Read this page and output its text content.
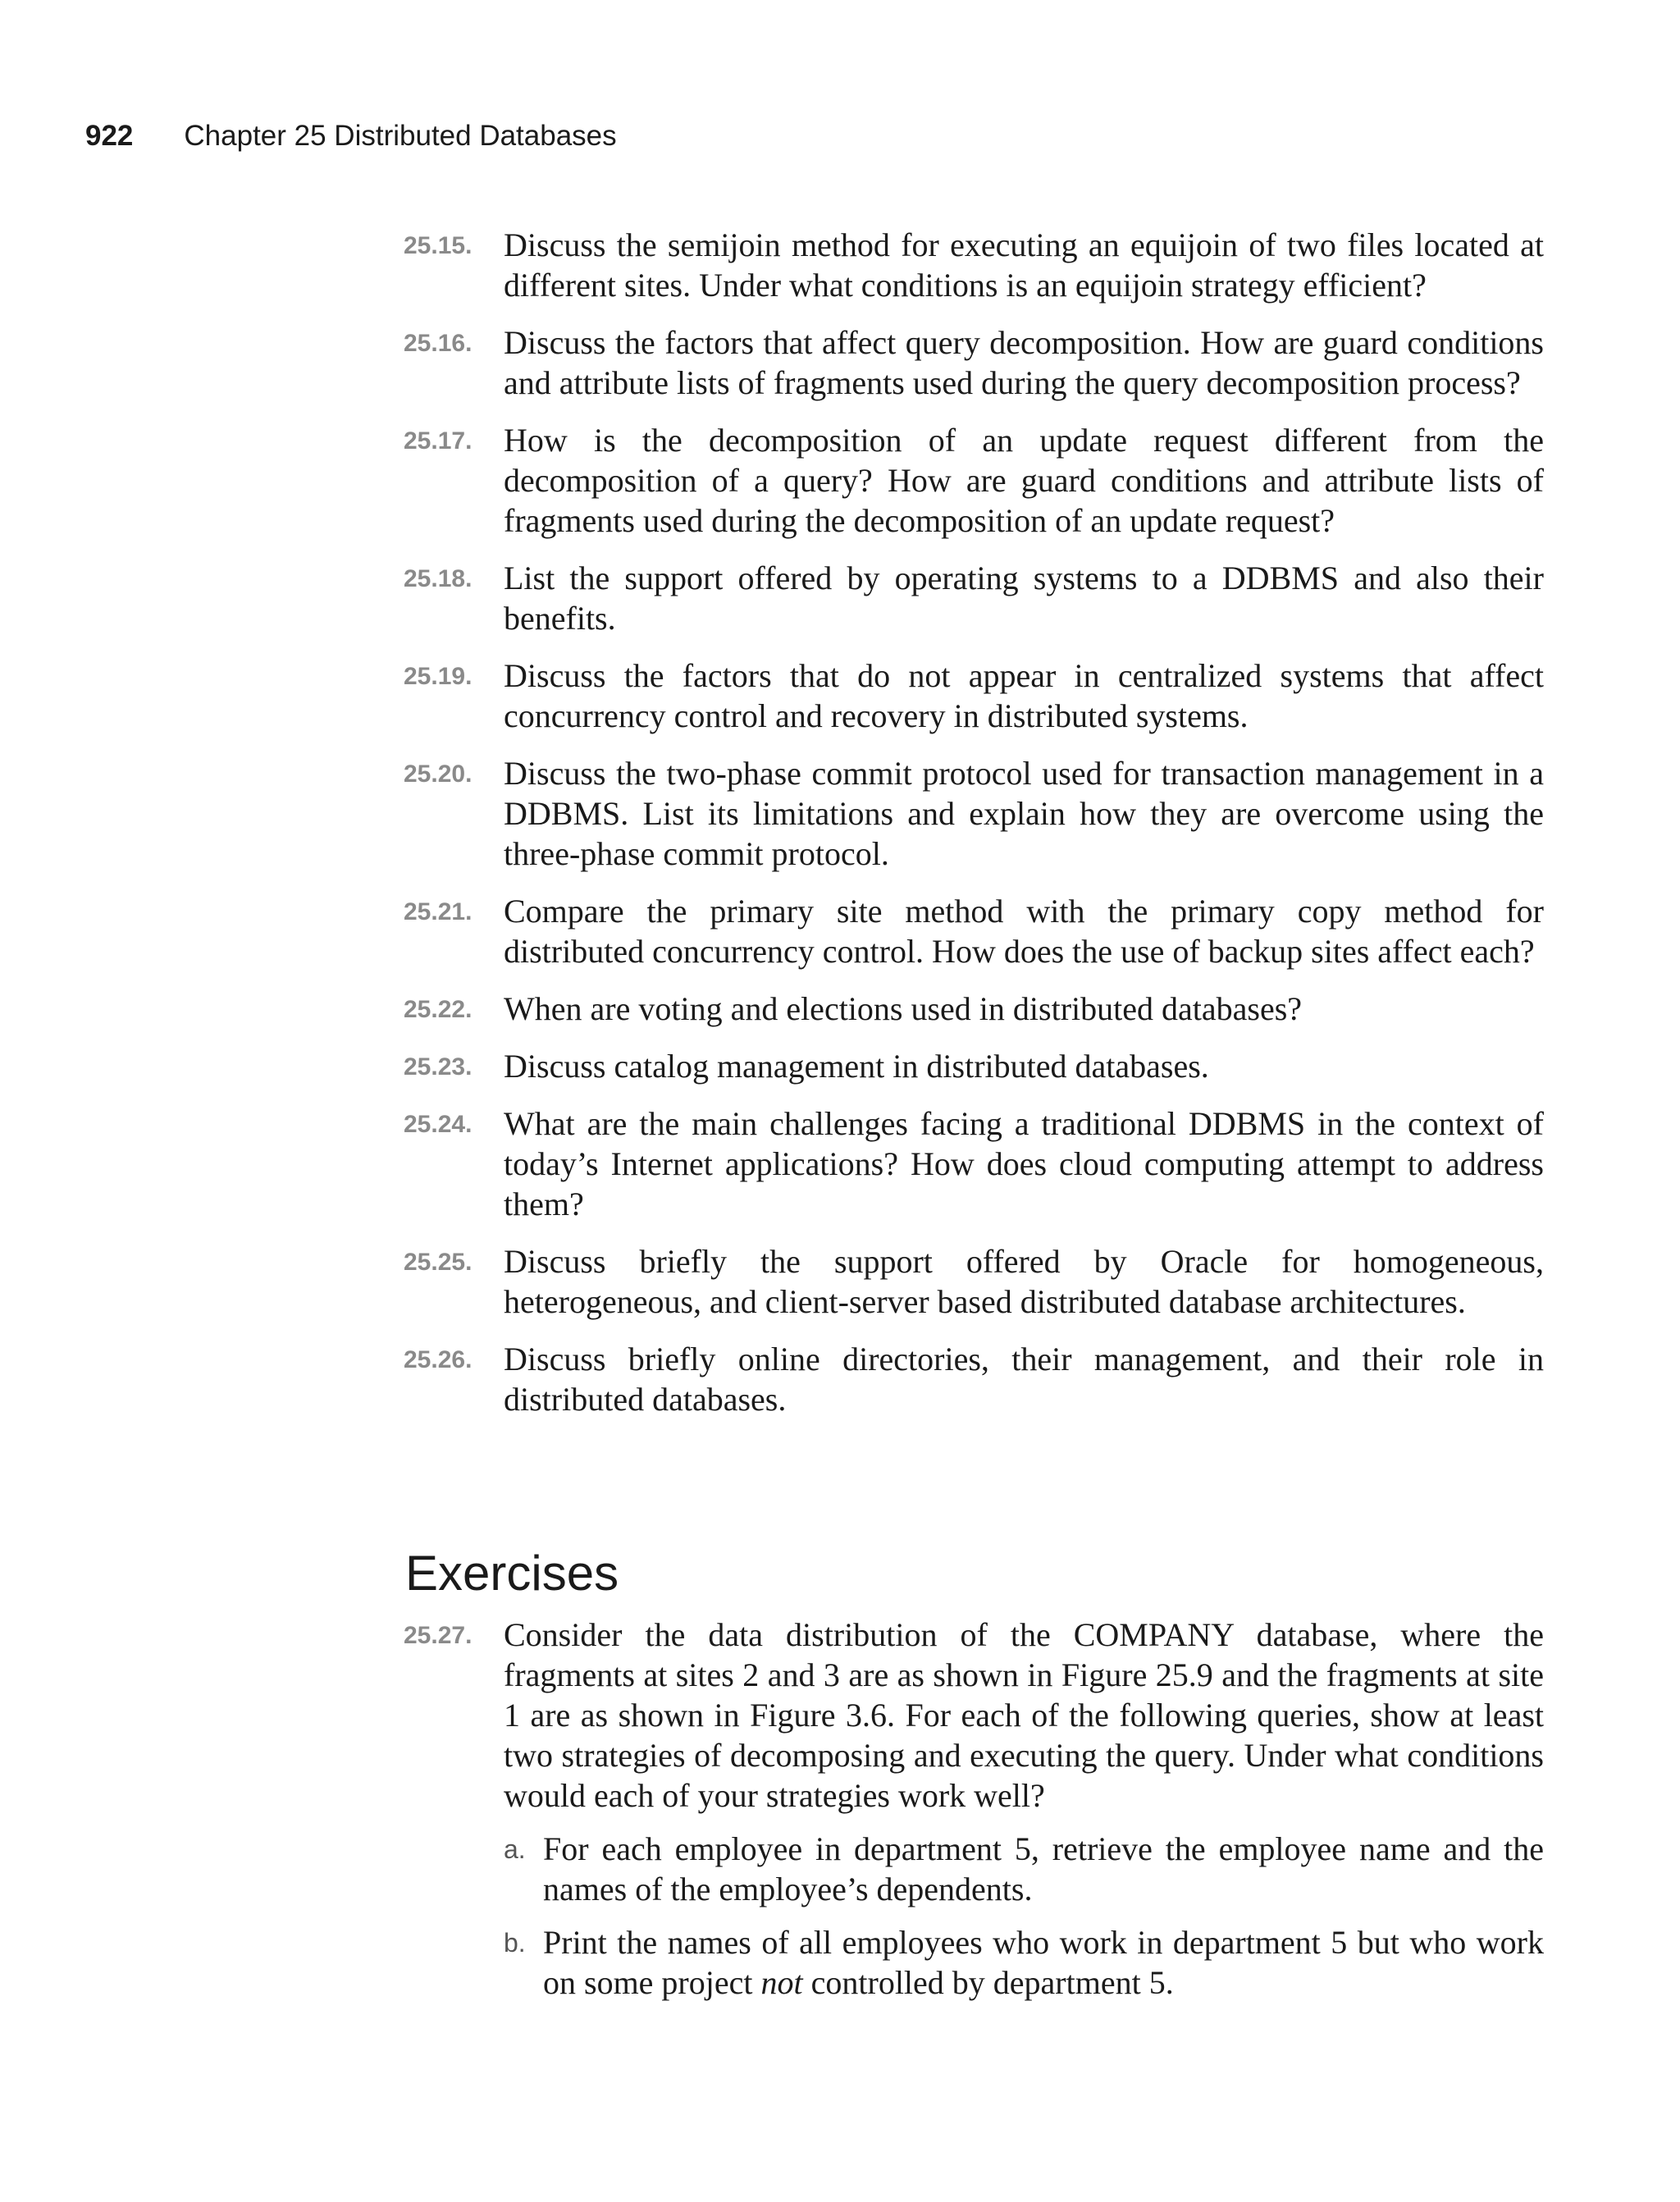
922 Chapter 25 Distributed Databases
25.15. Discuss the semijoin method for executing an equijoin of two files located at different sites. Under what conditions is an equijoin strategy efficient?
25.16. Discuss the factors that affect query decomposition. How are guard conditions and attribute lists of fragments used during the query decomposition process?
25.17. How is the decomposition of an update request different from the decomposition of a query? How are guard conditions and attribute lists of fragments used during the decomposition of an update request?
25.18. List the support offered by operating systems to a DDBMS and also their benefits.
25.19. Discuss the factors that do not appear in centralized systems that affect concurrency control and recovery in distributed systems.
25.20. Discuss the two-phase commit protocol used for transaction management in a DDBMS. List its limitations and explain how they are overcome using the three-phase commit protocol.
25.21. Compare the primary site method with the primary copy method for distributed concurrency control. How does the use of backup sites affect each?
25.22. When are voting and elections used in distributed databases?
25.23. Discuss catalog management in distributed databases.
25.24. What are the main challenges facing a traditional DDBMS in the context of today’s Internet applications? How does cloud computing attempt to address them?
25.25. Discuss briefly the support offered by Oracle for homogeneous, heterogeneous, and client-server based distributed database architectures.
25.26. Discuss briefly online directories, their management, and their role in distributed databases.
Exercises
25.27. Consider the data distribution of the COMPANY database, where the fragments at sites 2 and 3 are as shown in Figure 25.9 and the fragments at site 1 are as shown in Figure 3.6. For each of the following queries, show at least two strategies of decomposing and executing the query. Under what conditions would each of your strategies work well?
a. For each employee in department 5, retrieve the employee name and the names of the employee’s dependents.
b. Print the names of all employees who work in department 5 but who work on some project not controlled by department 5.
